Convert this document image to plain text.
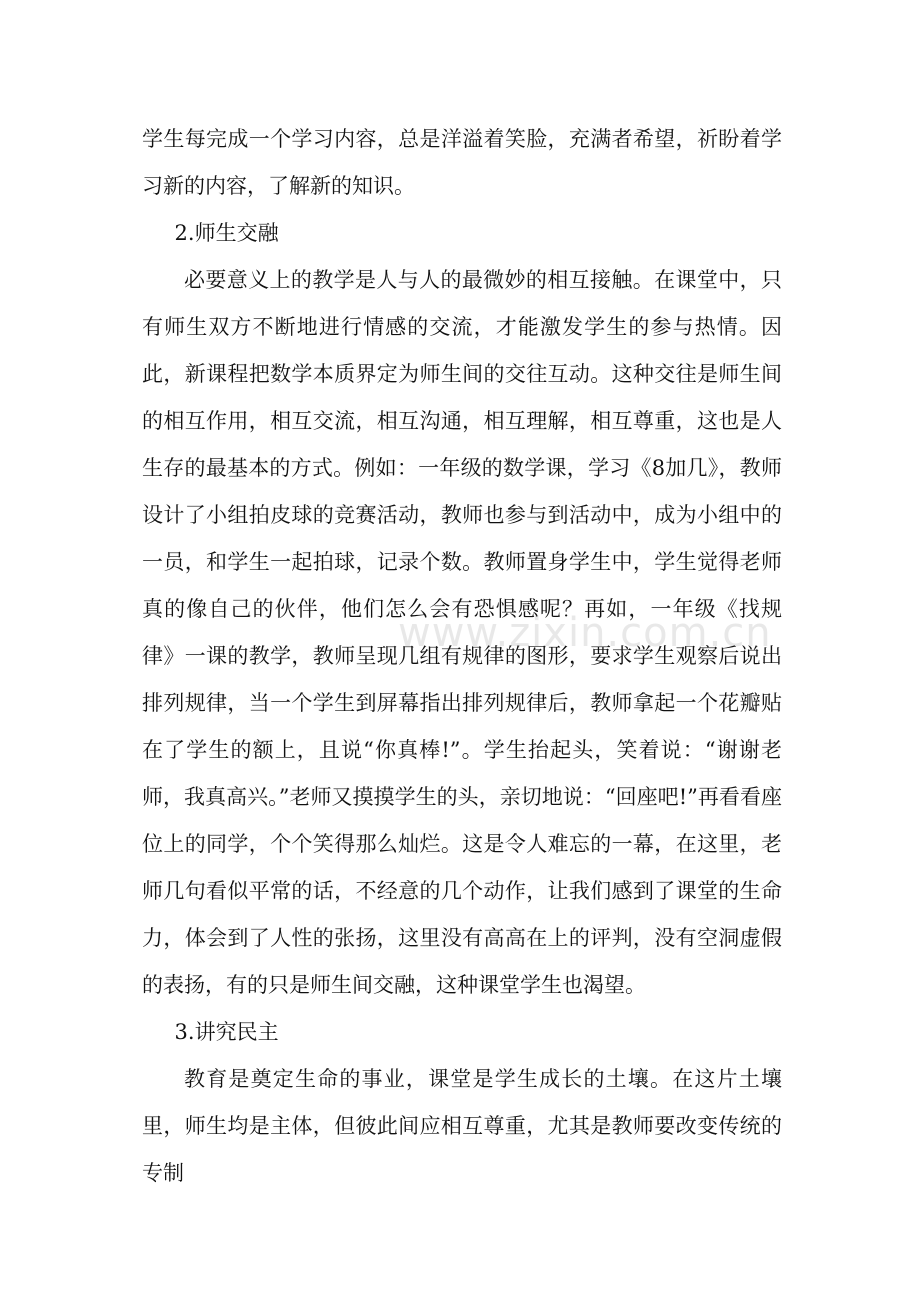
学生每完成一个学习内容，总是洋溢着笑脸，充满者希望，祈盼着学习新的内容，了解新的知识。

2.师生交融

必要意义上的教学是人与人的最微妙的相互接触。在课堂中，只有师生双方不断地进行情感的交流，才能激发学生的参与热情。因此，新课程把数学本质界定为师生间的交往互动。这种交往是师生间的相互作用，相互交流，相互沟通，相互理解，相互尊重，这也是人生存的最基本的方式。例如：一年级的数学课，学习《8加几》，教师设计了小组拍皮球的竞赛活动，教师也参与到活动中，成为小组中的一员，和学生一起拍球，记录个数。教师置身学生中，学生觉得老师真的像自己的伙伴，他们怎么会有恐惧感呢？再如，一年级《找规律》一课的教学，教师呈现几组有规律的图形，要求学生观察后说出排列规律，当一个学生到屏幕指出排列规律后，教师拿起一个花瓣贴在了学生的额上，且说“你真棒!”。学生抬起头，笑着说：“谢谢老师，我真高兴。”老师又摸摸学生的头，亲切地说：“回座吧!”再看看座位上的同学，个个笑得那么灿烂。这是令人难忘的一幕，在这里，老师几句看似平常的话，不经意的几个动作，让我们感到了课堂的生命力，体会到了人性的张扬，这里没有高高在上的评判，没有空洞虚假的表扬，有的只是师生间交融，这种课堂学生也渴望。

3.讲究民主

教育是奠定生命的事业，课堂是学生成长的土壤。在这片土壤里，师生均是主体，但彼此间应相互尊重，尤其是教师要改变传统的专制

www.zixin.com.cn
